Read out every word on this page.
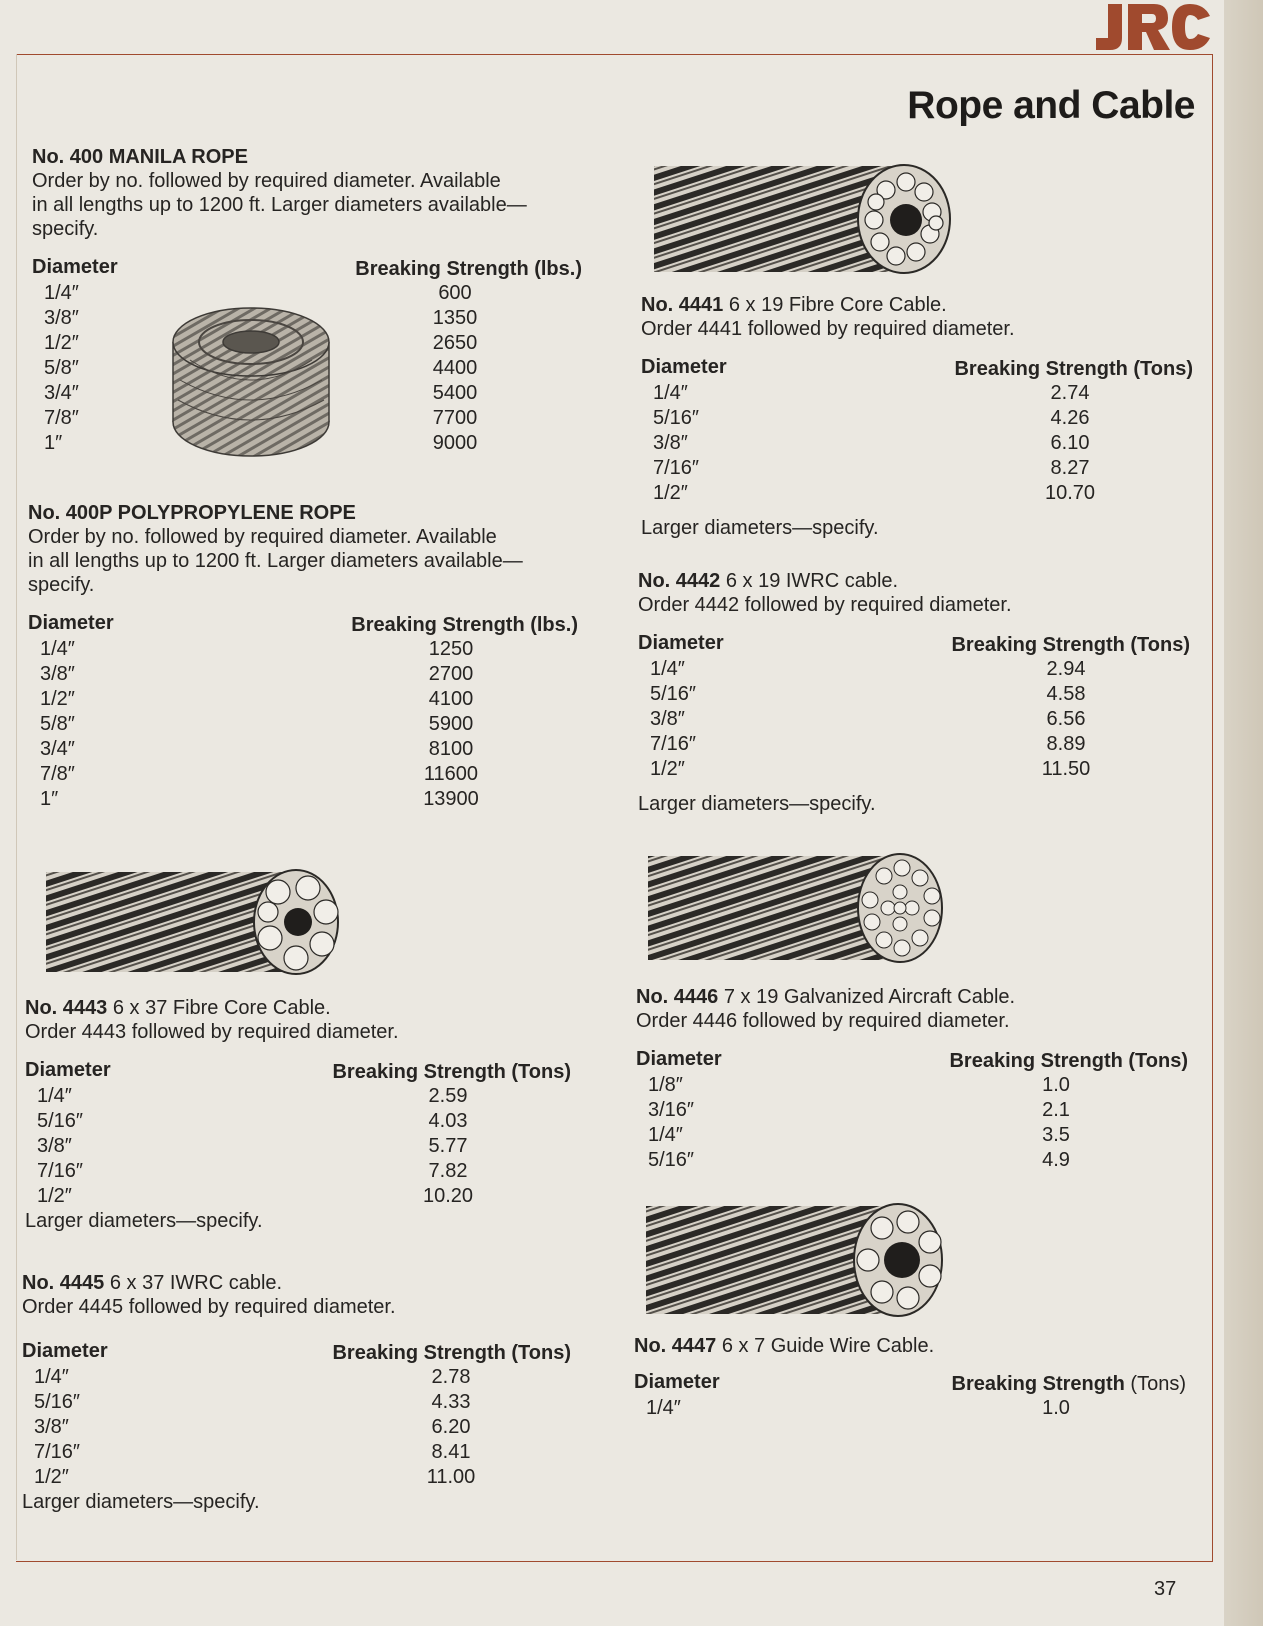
Rope and Cable
No. 400 MANILA ROPE

Order by no. followed by required diameter. Available

in all lengths up to 1200 ft. Larger diameters available—

specify.

Diameter	Breaking Strength (lbs.)
1/4″	600
3/8″	1350
1/2″	2650
5/8″	4400
3/4″	5400
7/8″	7700
1″	9000
No. 400P POLYPROPYLENE ROPE

Order by no. followed by required diameter. Available

in all lengths up to 1200 ft. Larger diameters available—

specify.

Diameter	Breaking Strength (lbs.)
1/4″	1250
3/8″	2700
1/2″	4100
5/8″	5900
3/4″	8100
7/8″	11600
1″	13900
No. 4443 6 x 37 Fibre Core Cable.

Order 4443 followed by required diameter.

Diameter	Breaking Strength (Tons)
1/4″	2.59
5/16″	4.03
3/8″	5.77
7/16″	7.82
1/2″	10.20

Larger diameters—specify.

No. 4445 6 x 37 IWRC cable.

Order 4445 followed by required diameter.

Diameter	Breaking Strength (Tons)
1/4″	2.78
5/16″	4.33
3/8″	6.20
7/16″	8.41
1/2″	11.00

Larger diameters—specify.

No. 4441 6 x 19 Fibre Core Cable.

Order 4441 followed by required diameter.

Diameter	Breaking Strength (Tons)
1/4″	2.74
5/16″	4.26
3/8″	6.10
7/16″	8.27
1/2″	10.70

Larger diameters—specify.

No. 4442 6 x 19 IWRC cable.

Order 4442 followed by required diameter.

Diameter	Breaking Strength (Tons)
1/4″	2.94
5/16″	4.58
3/8″	6.56
7/16″	8.89
1/2″	11.50

Larger diameters—specify.

No. 4446 7 x 19 Galvanized Aircraft Cable.

Order 4446 followed by required diameter.

Diameter	Breaking Strength (Tons)
1/8″	1.0
3/16″	2.1
1/4″	3.5
5/16″	4.9
No. 4447 6 x 7 Guide Wire Cable.
Diameter	Breaking Strength (Tons)
1/4″	1.0
37
